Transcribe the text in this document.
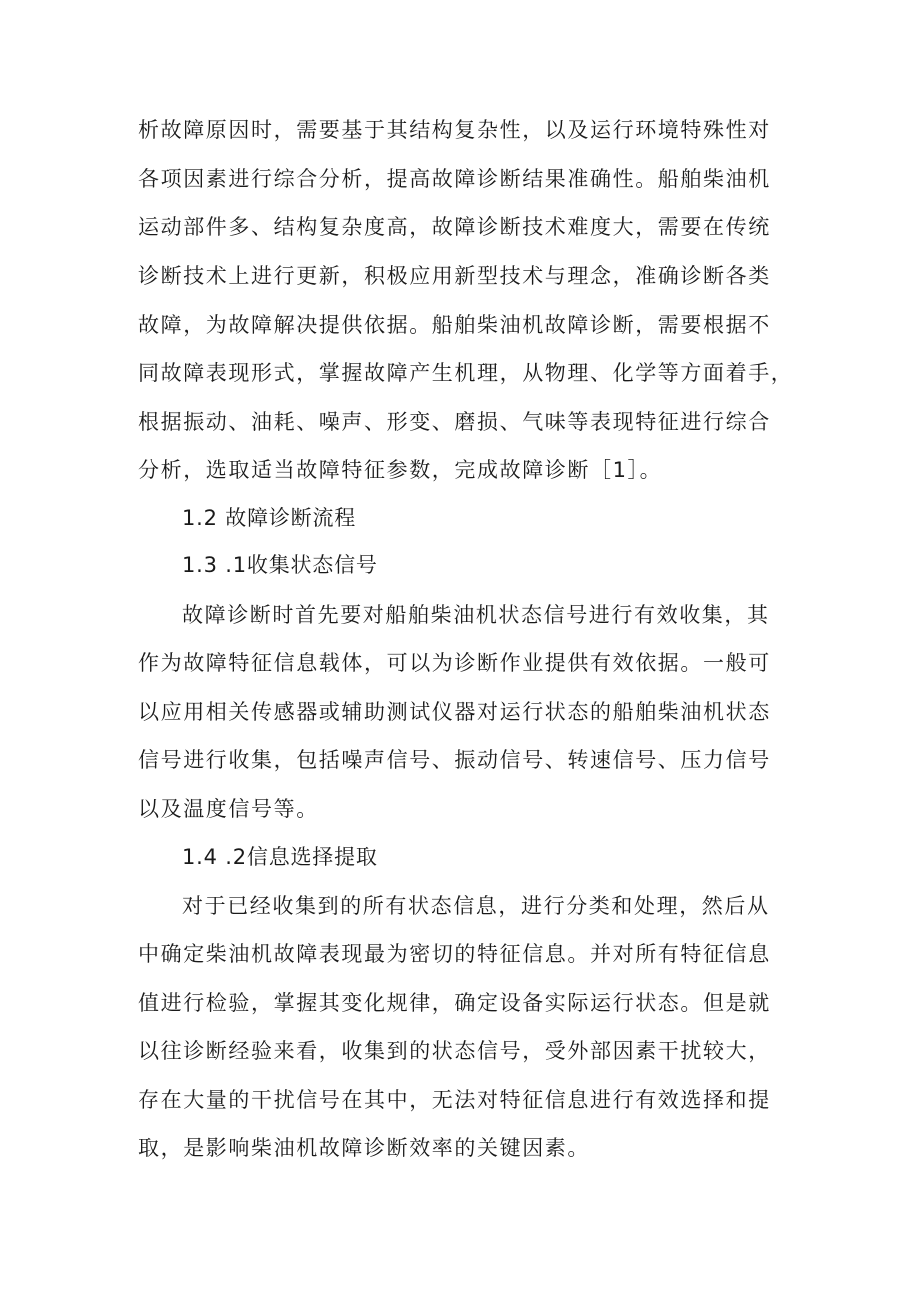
析故障原因时，需要基于其结构复杂性，以及运行环境特殊性对
各项因素进行综合分析，提高故障诊断结果准确性。船舶柴油机
运动部件多、结构复杂度高，故障诊断技术难度大，需要在传统
诊断技术上进行更新，积极应用新型技术与理念，准确诊断各类
故障，为故障解决提供依据。船舶柴油机故障诊断，需要根据不
同故障表现形式，掌握故障产生机理，从物理、化学等方面着手，
根据振动、油耗、噪声、形变、磨损、气味等表现特征进行综合
分析，选取适当故障特征参数，完成故障诊断［1］。
1.2 故障诊断流程
1.3 .1收集状态信号
故障诊断时首先要对船舶柴油机状态信号进行有效收集，其
作为故障特征信息载体，可以为诊断作业提供有效依据。一般可
以应用相关传感器或辅助测试仪器对运行状态的船舶柴油机状态
信号进行收集，包括噪声信号、振动信号、转速信号、压力信号
以及温度信号等。
1.4 .2信息选择提取
对于已经收集到的所有状态信息，进行分类和处理，然后从
中确定柴油机故障表现最为密切的特征信息。并对所有特征信息
值进行检验，掌握其变化规律，确定设备实际运行状态。但是就
以往诊断经验来看，收集到的状态信号，受外部因素干扰较大，
存在大量的干扰信号在其中，无法对特征信息进行有效选择和提
取，是影响柴油机故障诊断效率的关键因素。
